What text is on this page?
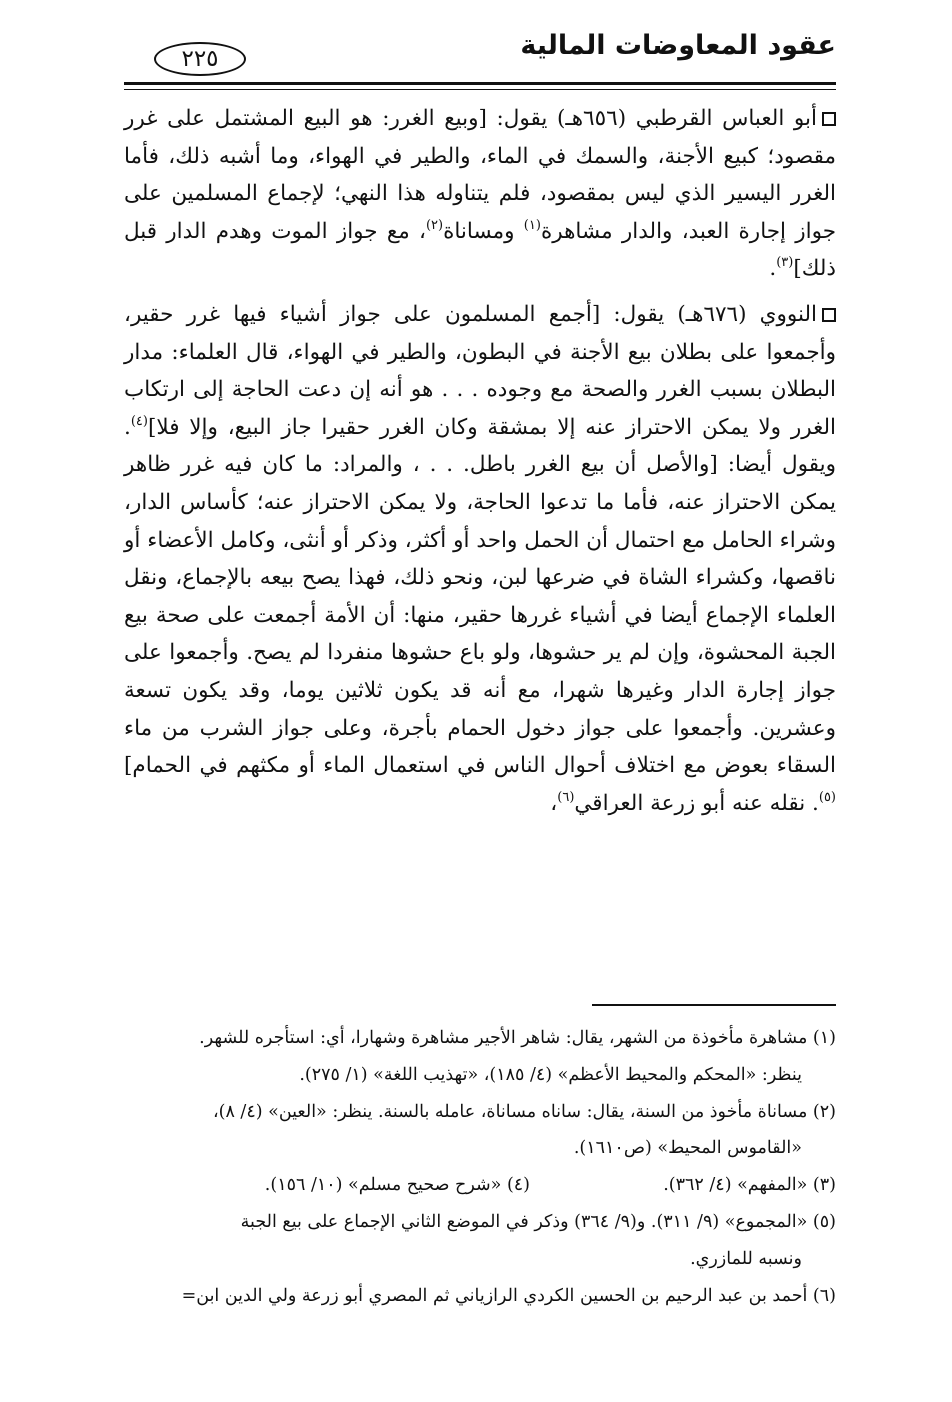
عقود المعاوضات المالية
٢٢٥

أبو العباس القرطبي (٦٥٦هـ) يقول: [وبيع الغرر: هو البيع المشتمل على غرر مقصود؛ كبيع الأجنة، والسمك في الماء، والطير في الهواء، وما أشبه ذلك، فأما الغرر اليسير الذي ليس بمقصود، فلم يتناوله هذا النهي؛ لإجماع المسلمين على جواز إجارة العبد، والدار مشاهرة$^{(١)}$ ومساناة$^{(٢)}$، مع جواز الموت وهدم الدار قبل ذلك]$^{(٣)}$.

النووي (٦٧٦هـ) يقول: [أجمع المسلمون على جواز أشياء فيها غرر حقير، وأجمعوا على بطلان بيع الأجنة في البطون، والطير في الهواء، قال العلماء: مدار البطلان بسبب الغرر والصحة مع وجوده . . . هو أنه إن دعت الحاجة إلى ارتكاب الغرر ولا يمكن الاحتراز عنه إلا بمشقة وكان الغرر حقيرا جاز البيع، وإلا فلا]$^{(٤)}$. ويقول أيضا: [والأصل أن بيع الغرر باطل. . . ، والمراد: ما كان فيه غرر ظاهر يمكن الاحتراز عنه، فأما ما تدعوا الحاجة، ولا يمكن الاحتراز عنه؛ كأساس الدار، وشراء الحامل مع احتمال أن الحمل واحد أو أكثر، وذكر أو أنثى، وكامل الأعضاء أو ناقصها، وكشراء الشاة في ضرعها لبن، ونحو ذلك، فهذا يصح بيعه بالإجماع، ونقل العلماء الإجماع أيضا في أشياء غررها حقير، منها: أن الأمة أجمعت على صحة بيع الجبة المحشوة، وإن لم ير حشوها، ولو باع حشوها منفردا لم يصح. وأجمعوا على جواز إجارة الدار وغيرها شهرا، مع أنه قد يكون ثلاثين يوما، وقد يكون تسعة وعشرين. وأجمعوا على جواز دخول الحمام بأجرة، وعلى جواز الشرب من ماء السقاء بعوض مع اختلاف أحوال الناس في استعمال الماء أو مكثهم في الحمام]$^{(٥)}$. نقله عنه أبو زرعة العراقي$^{(٦)}$،

(١) مشاهرة مأخوذة من الشهر، يقال: شاهر الأجير مشاهرة وشهارا، أي: استأجره للشهر.

ينظر: «المحكم والمحيط الأعظم» (٤/ ١٨٥)، «تهذيب اللغة» (١/ ٢٧٥).

(٢) مساناة مأخوذ من السنة، يقال: ساناه مساناة، عامله بالسنة. ينظر: «العين» (٤/ ٨)،

«القاموس المحيط» (ص١٦١٠).

(٣) «المفهم» (٤/ ٣٦٢).
(٤) «شرح صحيح مسلم» (١٠/ ١٥٦).

(٥) «المجموع» (٩/ ٣١١). و(٩/ ٣٦٤) وذكر في الموضع الثاني الإجماع على بيع الجبة

ونسبه للمازري.

(٦) أحمد بن عبد الرحيم بن الحسين الكردي الرازياني ثم المصري أبو زرعة ولي الدين ابن=
